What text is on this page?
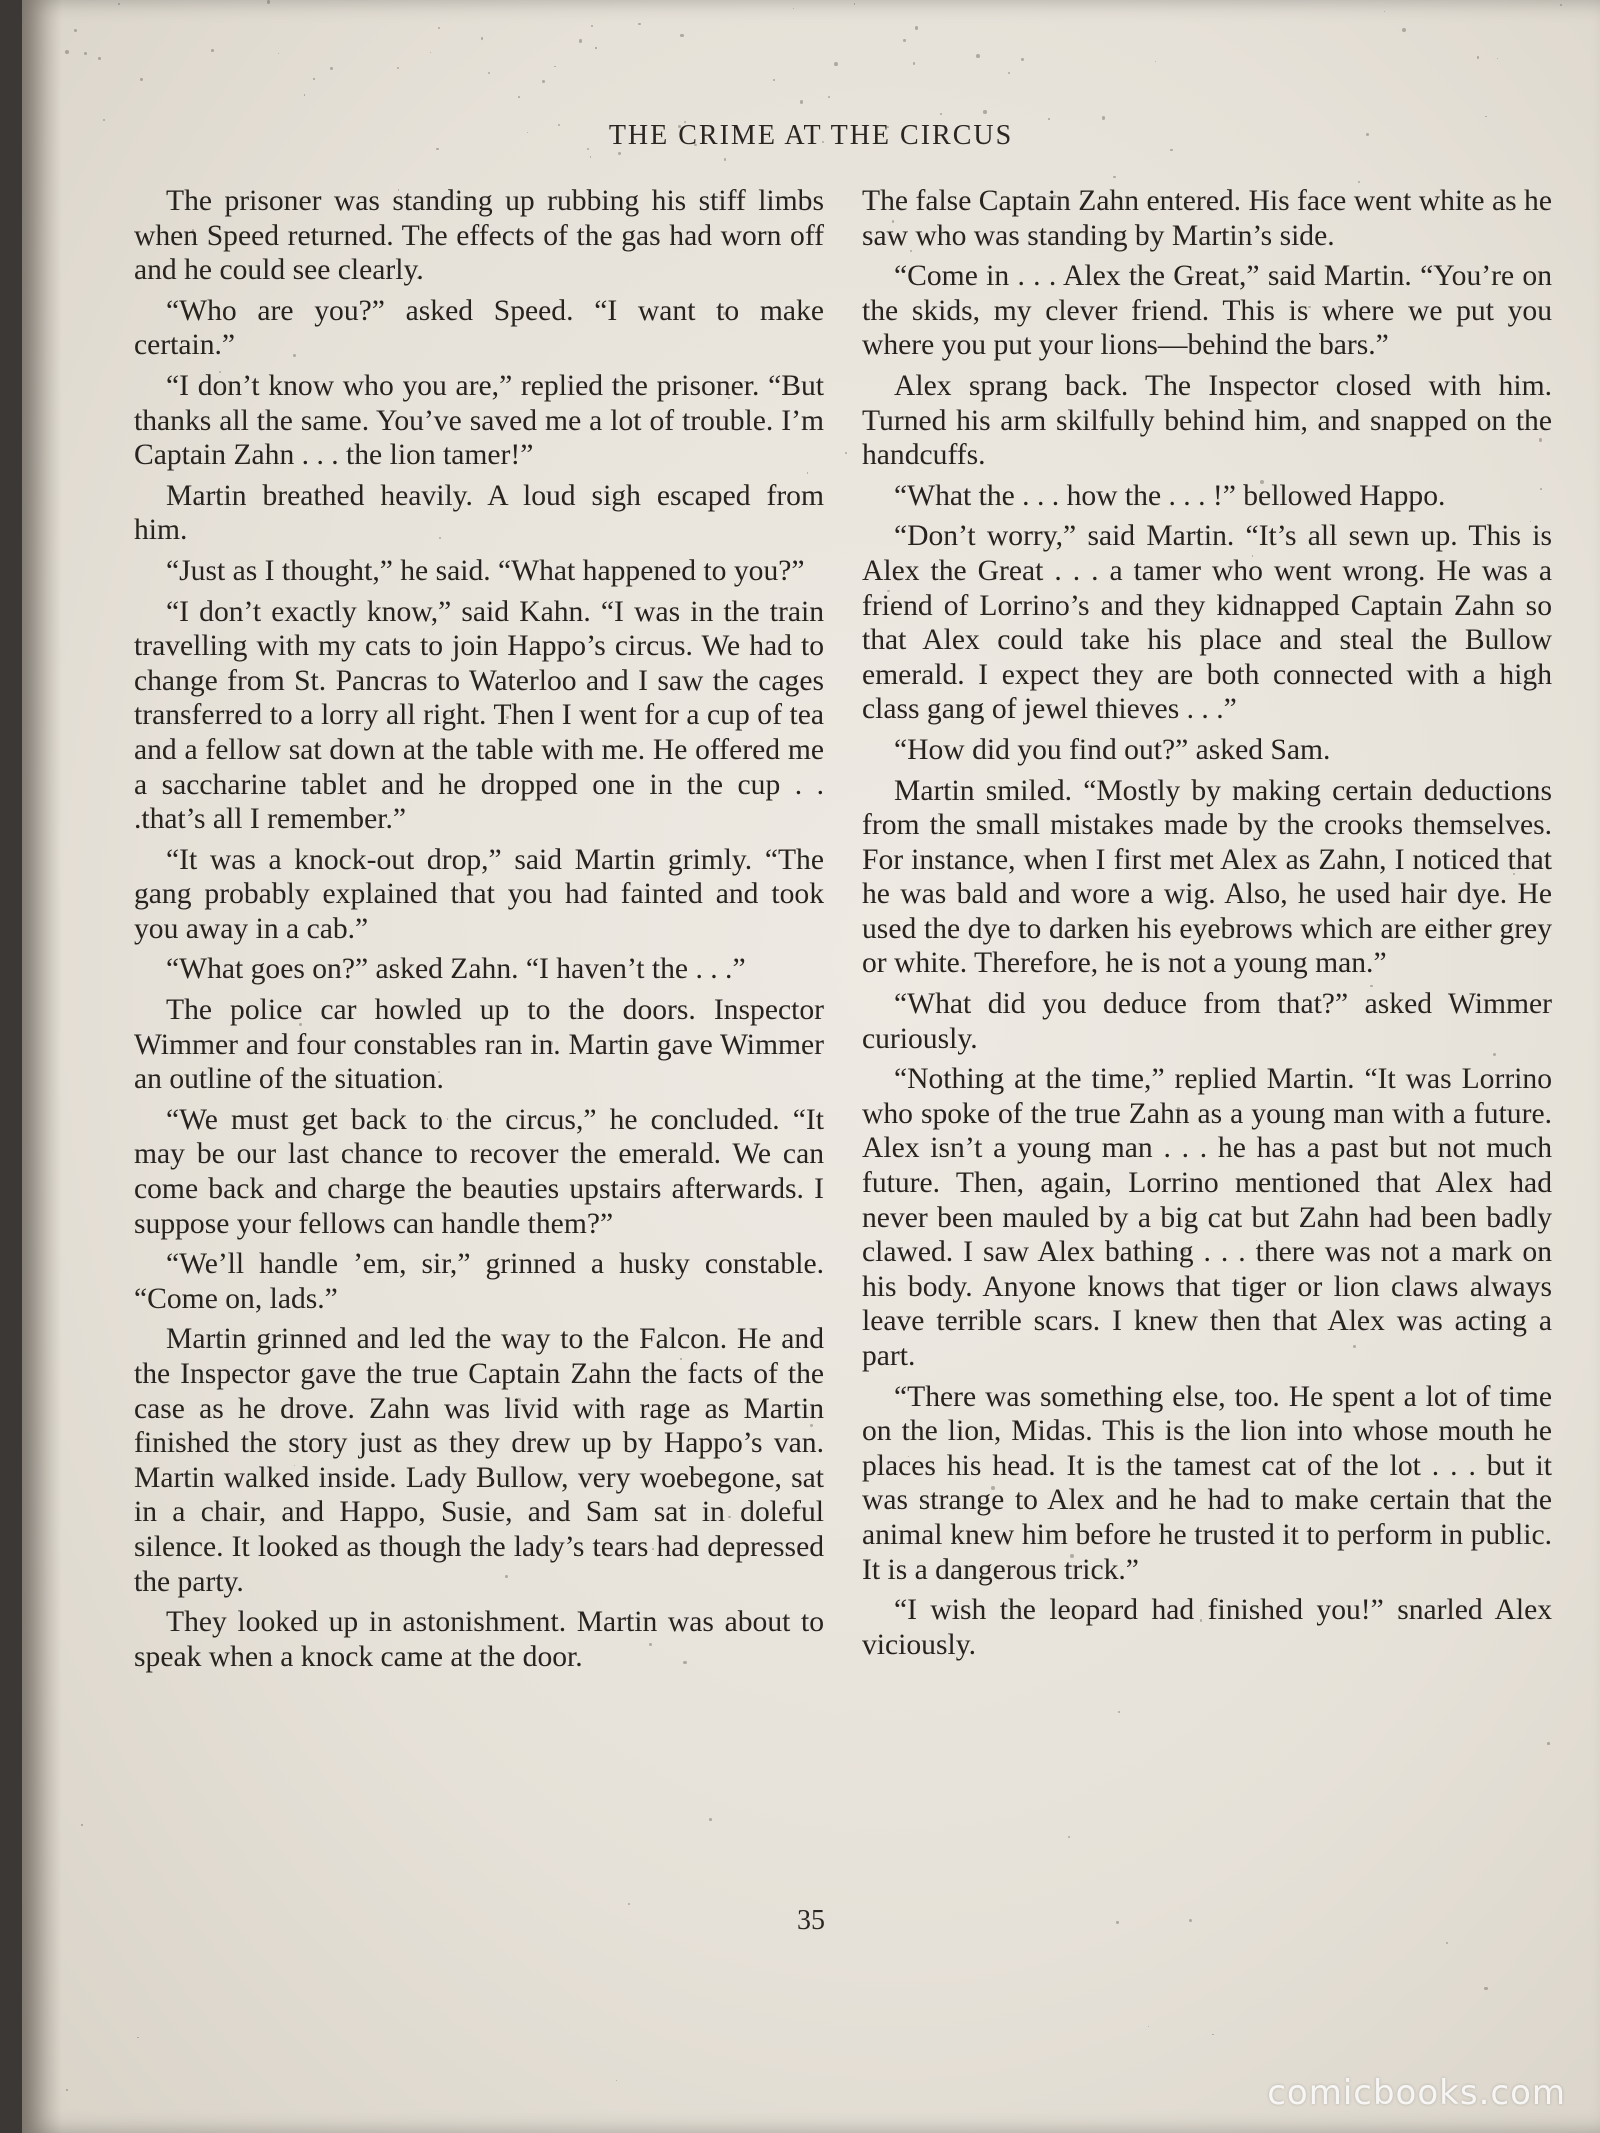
THE CRIME AT THE CIRCUS

The prisoner was standing up rubbing his stiff limbs when Speed returned. The effects of the gas had worn off and he could see clearly.

“Who are you?” asked Speed. “I want to make certain.”

“I don’t know who you are,” replied the prisoner. “But thanks all the same. You’ve saved me a lot of trouble. I’m Captain Zahn . . . the lion tamer!”

Martin breathed heavily. A loud sigh escaped from him.

“Just as I thought,” he said. “What happened to you?”

“I don’t exactly know,” said Kahn. “I was in the train travelling with my cats to join Happo’s circus. We had to change from St. Pancras to Waterloo and I saw the cages transferred to a lorry all right. Then I went for a cup of tea and a fellow sat down at the table with me. He offered me a saccharine tablet and he dropped one in the cup . . .that’s all I remember.”

“It was a knock-out drop,” said Martin grimly. “The gang probably explained that you had fainted and took you away in a cab.”

“What goes on?” asked Zahn. “I haven’t the . . .”

The police car howled up to the doors. Inspector Wimmer and four constables ran in. Martin gave Wimmer an outline of the situation.

“We must get back to the circus,” he concluded. “It may be our last chance to recover the emerald. We can come back and charge the beauties upstairs afterwards. I suppose your fellows can handle them?”

“We’ll handle ’em, sir,” grinned a husky constable. “Come on, lads.”

Martin grinned and led the way to the Falcon. He and the Inspector gave the true Captain Zahn the facts of the case as he drove. Zahn was livid with rage as Martin finished the story just as they drew up by Happo’s van. Martin walked inside. Lady Bullow, very woebegone, sat in a chair, and Happo, Susie, and Sam sat in doleful silence. It looked as though the lady’s tears had depressed the party.

They looked up in astonishment. Martin was about to speak when a knock came at the door.

The false Captain Zahn entered. His face went white as he saw who was standing by Martin’s side.

“Come in . . . Alex the Great,” said Martin. “You’re on the skids, my clever friend. This is where we put you where you put your lions—behind the bars.”

Alex sprang back. The Inspector closed with him. Turned his arm skilfully behind him, and snapped on the handcuffs.

“What the . . . how the . . . !” bellowed Happo.

“Don’t worry,” said Martin. “It’s all sewn up. This is Alex the Great . . . a tamer who went wrong. He was a friend of Lorrino’s and they kidnapped Captain Zahn so that Alex could take his place and steal the Bullow emerald. I expect they are both connected with a high class gang of jewel thieves . . .”

“How did you find out?” asked Sam.

Martin smiled. “Mostly by making certain deductions from the small mistakes made by the crooks themselves. For instance, when I first met Alex as Zahn, I noticed that he was bald and wore a wig. Also, he used hair dye. He used the dye to darken his eyebrows which are either grey or white. Therefore, he is not a young man.”

“What did you deduce from that?” asked Wimmer curiously.

“Nothing at the time,” replied Martin. “It was Lorrino who spoke of the true Zahn as a young man with a future. Alex isn’t a young man . . . he has a past but not much future. Then, again, Lorrino mentioned that Alex had never been mauled by a big cat but Zahn had been badly clawed. I saw Alex bathing . . . there was not a mark on his body. Anyone knows that tiger or lion claws always leave terrible scars. I knew then that Alex was acting a part.

“There was something else, too. He spent a lot of time on the lion, Midas. This is the lion into whose mouth he places his head. It is the tamest cat of the lot . . . but it was strange to Alex and he had to make certain that the animal knew him before he trusted it to perform in public. It is a dangerous trick.”

“I wish the leopard had finished you!” snarled Alex viciously.

35
comicbooks.com
